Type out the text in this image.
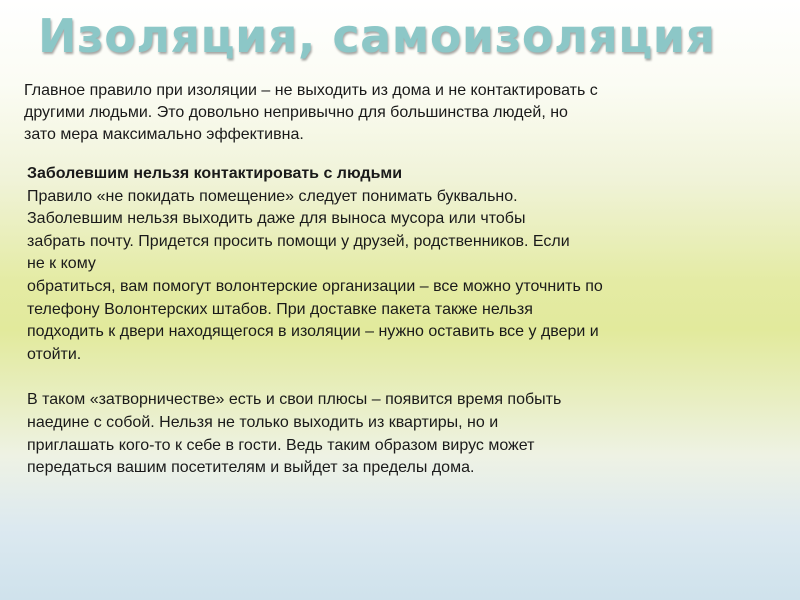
Изоляция, самоизоляция

Главное правило при изоляции – не выходить из дома и не контактировать с
другими людьми. Это довольно непривычно для большинства людей, но
зато мера максимально эффективна.

Заболевшим нельзя контактировать с людьми

Правило «не покидать помещение» следует понимать буквально.
Заболевшим нельзя выходить даже для выноса мусора или чтобы
забрать почту. Придется просить помощи у друзей, родственников. Если
не к кому
обратиться, вам помогут волонтерские организации – все можно уточнить по
телефону Волонтерских штабов. При доставке пакета также нельзя
подходить к двери находящегося в изоляции – нужно оставить все у двери и
отойти.

В таком «затворничестве» есть и свои плюсы – появится время побыть
наедине с собой. Нельзя не только выходить из квартиры, но и
приглашать кого-то к себе в гости. Ведь таким образом вирус может
передаться вашим посетителям и выйдет за пределы дома.
